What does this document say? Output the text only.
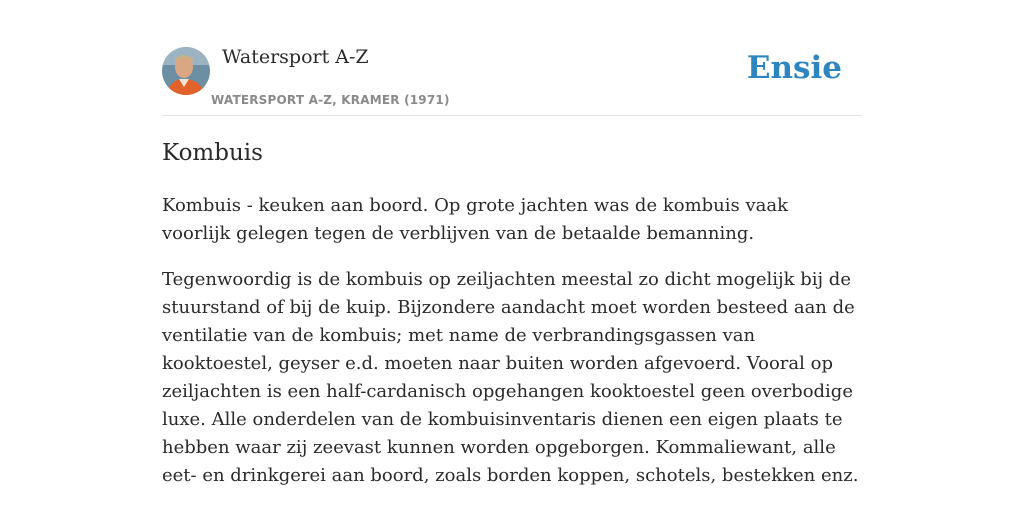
Watersport A-Z
WATERSPORT A-Z, KRAMER (1971)
Ensie
Kombuis

Kombuis - keuken aan boord. Op grote jachten was de kombuis vaak voorlijk gelegen tegen de verblijven van de betaalde bemanning.

Tegenwoordig is de kombuis op zeiljachten meestal zo dicht mogelijk bij de stuurstand of bij de kuip. Bijzondere aandacht moet worden besteed aan de ventilatie van de kombuis; met name de verbrandingsgassen van kooktoestel, geyser e.d. moeten naar buiten worden afgevoerd. Vooral op zeiljachten is een half-cardanisch opgehangen kooktoestel geen overbodige luxe. Alle onderdelen van de kombuisinventaris dienen een eigen plaats te hebben waar zij zeevast kunnen worden opgeborgen. Kommaliewant, alle eet- en drinkgerei aan boord, zoals borden koppen, schotels, bestekken enz.
